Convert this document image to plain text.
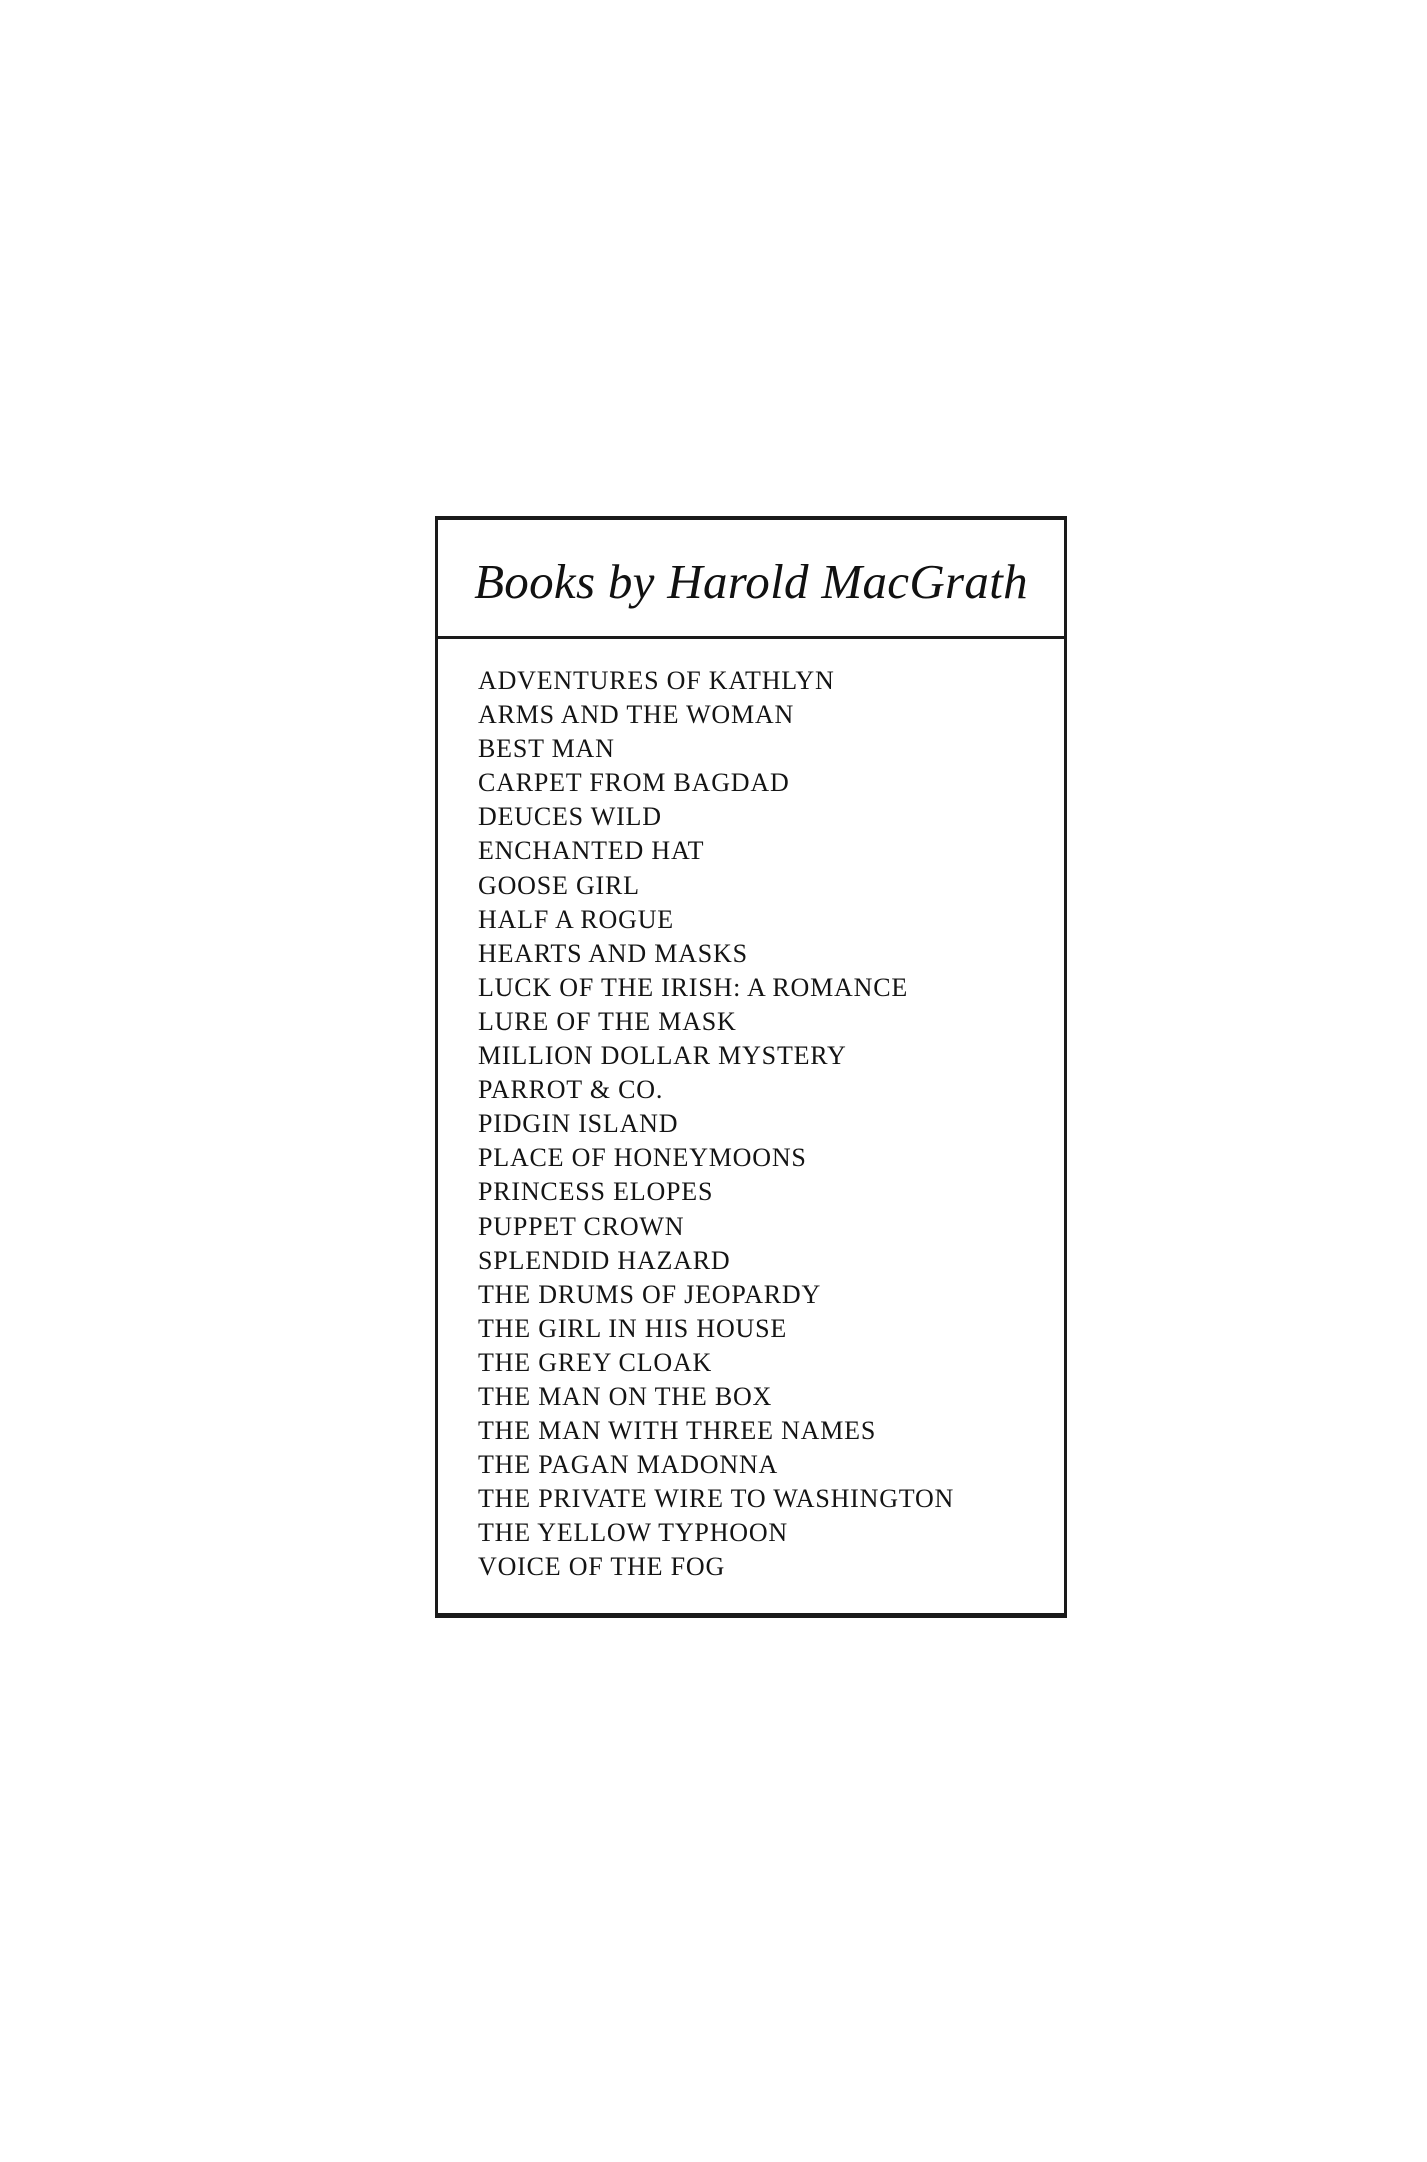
Books by Harold MacGrath
ADVENTURES OF KATHLYN
ARMS AND THE WOMAN
BEST MAN
CARPET FROM BAGDAD
DEUCES WILD
ENCHANTED HAT
GOOSE GIRL
HALF A ROGUE
HEARTS AND MASKS
LUCK OF THE IRISH: A ROMANCE
LURE OF THE MASK
MILLION DOLLAR MYSTERY
PARROT & CO.
PIDGIN ISLAND
PLACE OF HONEYMOONS
PRINCESS ELOPES
PUPPET CROWN
SPLENDID HAZARD
THE DRUMS OF JEOPARDY
THE GIRL IN HIS HOUSE
THE GREY CLOAK
THE MAN ON THE BOX
THE MAN WITH THREE NAMES
THE PAGAN MADONNA
THE PRIVATE WIRE TO WASHINGTON
THE YELLOW TYPHOON
VOICE OF THE FOG
